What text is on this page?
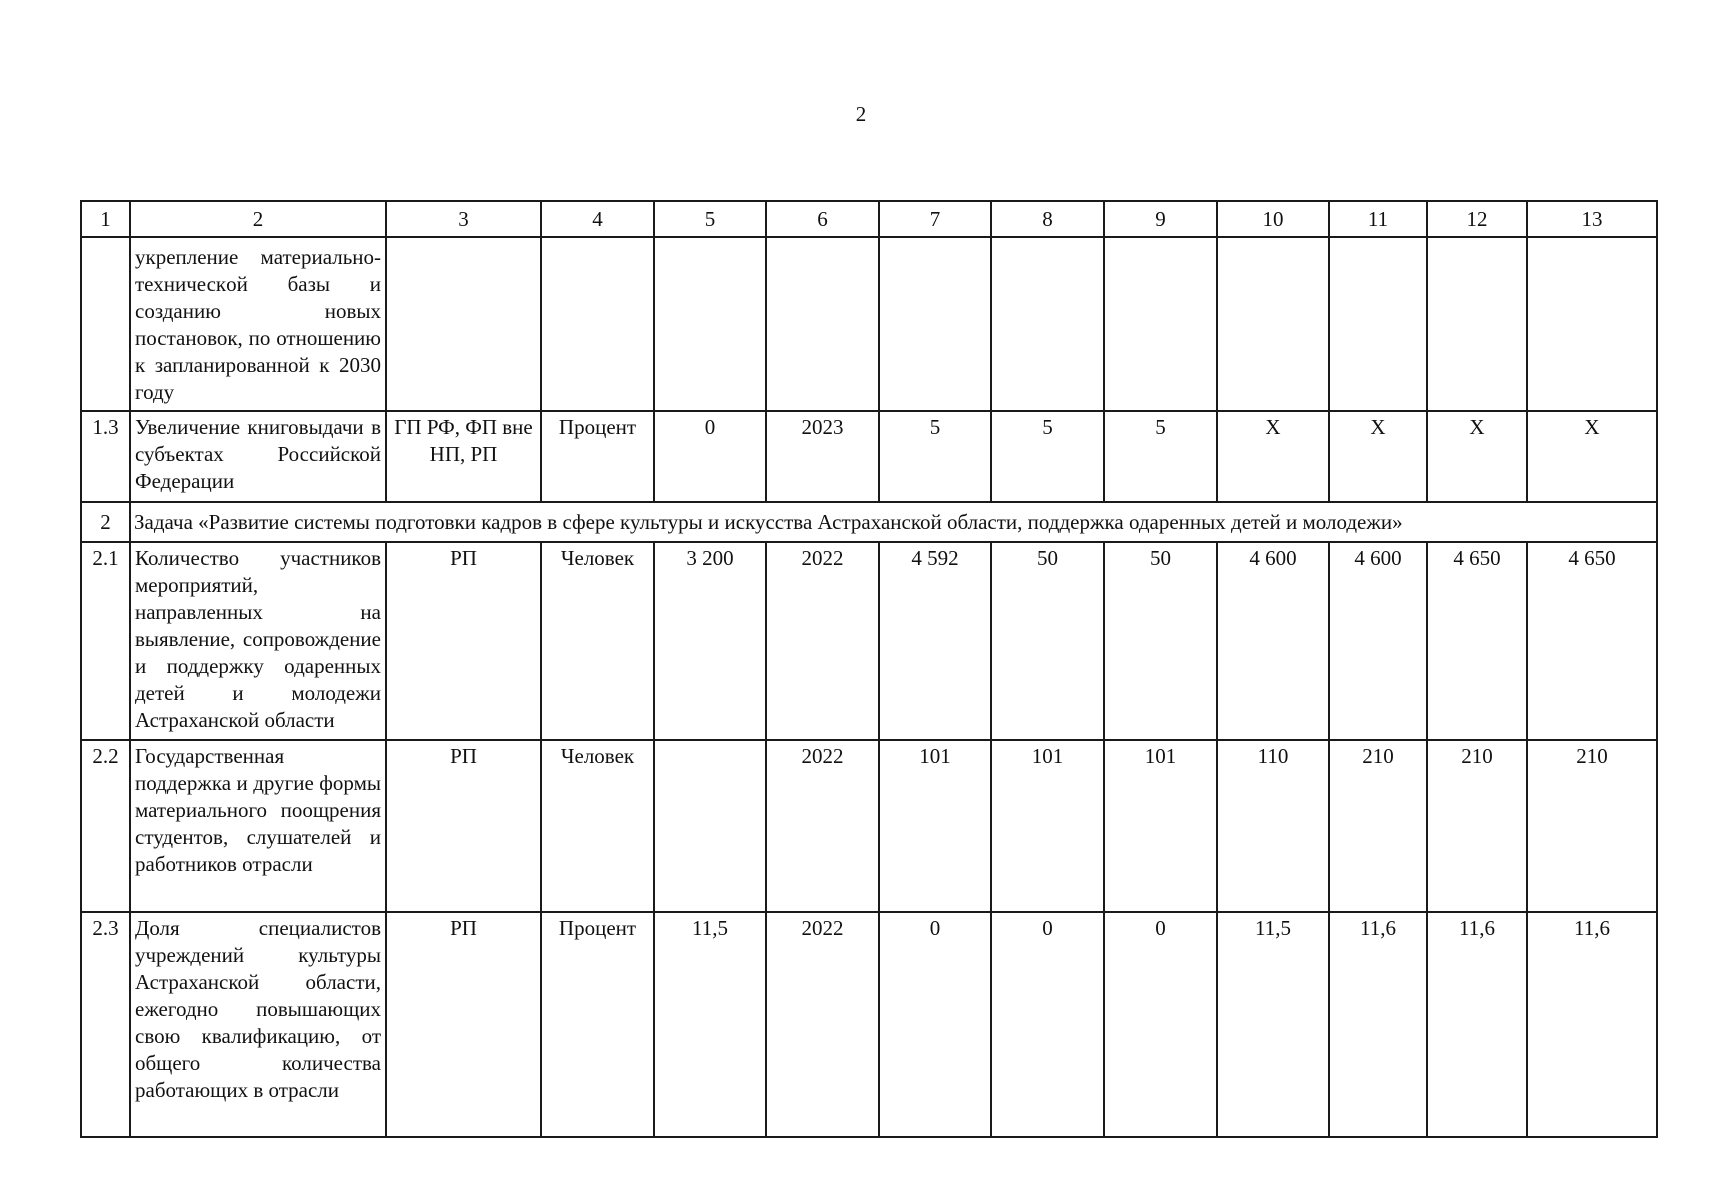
2
1	2	3	4	5	6	7	8	9	10	11	12	13
	укрепление материально-техническoй базы и созданию новых постановок, по отношению к запланированной к 2030 году											
1.3	Увеличение книговыдачи в субъектах Российской Федерации	ГП РФ, ФП вне НП, РП	Процент	0	2023	5	5	5	Х	Х	Х	Х
2	Задача «Развитие системы подготовки кадров в сфере культуры и искусства Астраханской области, поддержка одаренных детей и молодежи»											
2.1	Количество участников мероприятий, направленных на выявление, сопровождение и поддержку одаренных детей и молодежи Астраханской области	РП	Человек	3 200	2022	4 592	50	50	4 600	4 600	4 650	4 650
2.2	Государственная поддержка и другие формы материального поощрения студентов, слушателей и работников отрасли	РП	Человек		2022	101	101	101	110	210	210	210
2.3	Доля специалистов учреждений культуры Астраханской области, ежегодно повышающих свою квалификацию, от общего количества работающих в отрасли	РП	Процент	11,5	2022	0	0	0	11,5	11,6	11,6	11,6
